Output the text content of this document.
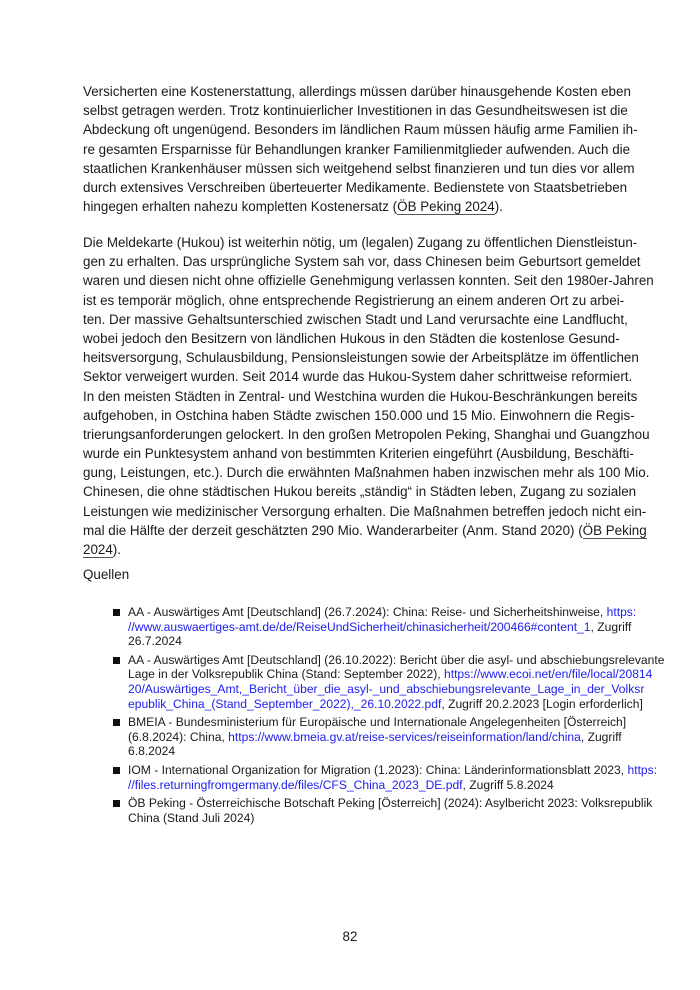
Versicherten eine Kostenerstattung, allerdings müssen darüber hinausgehende Kosten eben
selbst getragen werden. Trotz kontinuierlicher Investitionen in das Gesundheitswesen ist die
Abdeckung oft ungenügend. Besonders im ländlichen Raum müssen häufig arme Familien ih-
re gesamten Ersparnisse für Behandlungen kranker Familienmitglieder aufwenden. Auch die
staatlichen Krankenhäuser müssen sich weitgehend selbst finanzieren und tun dies vor allem
durch extensives Verschreiben überteuerter Medikamente. Bedienstete von Staatsbetrieben
hingegen erhalten nahezu kompletten Kostenersatz (ÖB Peking 2024).
Die Meldekarte (Hukou) ist weiterhin nötig, um (legalen) Zugang zu öffentlichen Dienstleistun-
gen zu erhalten. Das ursprüngliche System sah vor, dass Chinesen beim Geburtsort gemeldet
waren und diesen nicht ohne offizielle Genehmigung verlassen konnten. Seit den 1980er-Jahren
ist es temporär möglich, ohne entsprechende Registrierung an einem anderen Ort zu arbei-
ten. Der massive Gehaltsunterschied zwischen Stadt und Land verursachte eine Landflucht,
wobei jedoch den Besitzern von ländlichen Hukous in den Städten die kostenlose Gesund-
heitsversorgung, Schulausbildung, Pensionsleistungen sowie der Arbeitsplätze im öffentlichen
Sektor verweigert wurden. Seit 2014 wurde das Hukou-System daher schrittweise reformiert.
In den meisten Städten in Zentral- und Westchina wurden die Hukou-Beschränkungen bereits
aufgehoben, in Ostchina haben Städte zwischen 150.000 und 15 Mio. Einwohnern die Regis-
trierungsanforderungen gelockert. In den großen Metropolen Peking, Shanghai und Guangzhou
wurde ein Punktesystem anhand von bestimmten Kriterien eingeführt (Ausbildung, Beschäfti-
gung, Leistungen, etc.). Durch die erwähnten Maßnahmen haben inzwischen mehr als 100 Mio.
Chinesen, die ohne städtischen Hukou bereits „ständig“ in Städten leben, Zugang zu sozialen
Leistungen wie medizinischer Versorgung erhalten. Die Maßnahmen betreffen jedoch nicht ein-
mal die Hälfte der derzeit geschätzten 290 Mio. Wanderarbeiter (Anm. Stand 2020) (ÖB Peking
2024).
Quellen
AA - Auswärtiges Amt [Deutschland] (26.7.2024): China: Reise- und Sicherheitshinweise, https:
//www.auswaertiges-amt.de/de/ReiseUndSicherheit/chinasicherheit/200466#content_1, Zugriff
26.7.2024
AA - Auswärtiges Amt [Deutschland] (26.10.2022): Bericht über die asyl- und abschiebungsrelevante
Lage in der Volksrepublik China (Stand: September 2022), https://www.ecoi.net/en/file/local/20814
20/Auswärtiges_Amt,_Bericht_über_die_asyl-_und_abschiebungsrelevante_Lage_in_der_Volksr
epublik_China_(Stand_September_2022),_26.10.2022.pdf, Zugriff 20.2.2023 [Login erforderlich]
BMEIA - Bundesministerium für Europäische und Internationale Angelegenheiten [Österreich]
(6.8.2024): China, https://www.bmeia.gv.at/reise-services/reiseinformation/land/china, Zugriff
6.8.2024
IOM - International Organization for Migration (1.2023): China: Länderinformationsblatt 2023, https:
//files.returningfromgermany.de/files/CFS_China_2023_DE.pdf, Zugriff 5.8.2024
ÖB Peking - Österreichische Botschaft Peking [Österreich] (2024): Asylbericht 2023: Volksrepublik
China (Stand Juli 2024)
82
